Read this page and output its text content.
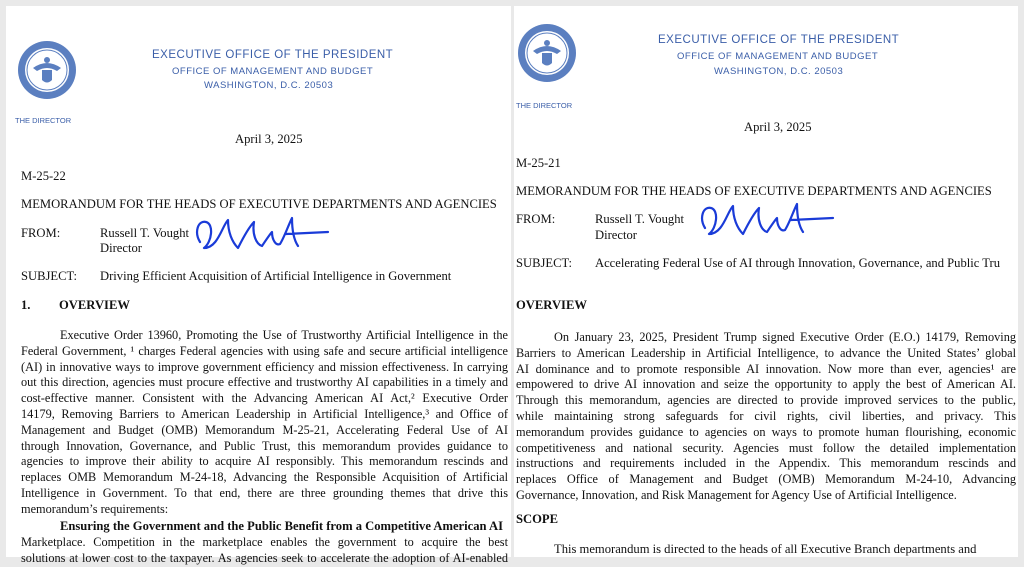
EXECUTIVE OFFICE OF THE PRESIDENT
OFFICE OF MANAGEMENT AND BUDGET
WASHINGTON, D.C. 20503
THE DIRECTOR
April 3, 2025
M-25-22
MEMORANDUM FOR THE HEADS OF EXECUTIVE DEPARTMENTS AND AGENCIES
FROM:	Russell T. Vought
Director
SUBJECT: Driving Efficient Acquisition of Artificial Intelligence in Government
1. OVERVIEW
Executive Order 13960, Promoting the Use of Trustworthy Artificial Intelligence in the
Federal Government, ¹ charges Federal agencies with using safe and secure artificial intelligence
(AI) in innovative ways to improve government efficiency and mission effectiveness. In carrying
out this direction, agencies must procure effective and trustworthy AI capabilities in a timely and
cost-effective manner. Consistent with the Advancing American AI Act,² Executive Order
14179, Removing Barriers to American Leadership in Artificial Intelligence,³ and Office of
Management and Budget (OMB) Memorandum M-25-21, Accelerating Federal Use of AI
through Innovation, Governance, and Public Trust, this memorandum provides guidance to
agencies to improve their ability to acquire AI responsibly. This memorandum rescinds and
replaces OMB Memorandum M-24-18, Advancing the Responsible Acquisition of Artificial
Intelligence in Government. To that end, there are three grounding themes that drive this
memorandum’s requirements:
Ensuring the Government and the Public Benefit from a Competitive American AI
Marketplace. Competition in the marketplace enables the government to acquire the best
solutions at lower cost to the taxpayer. As agencies seek to accelerate the adoption of AI-enabled
EXECUTIVE OFFICE OF THE PRESIDENT
OFFICE OF MANAGEMENT AND BUDGET
WASHINGTON, D.C. 20503
THE DIRECTOR
April 3, 2025
M-25-21
MEMORANDUM FOR THE HEADS OF EXECUTIVE DEPARTMENTS AND AGENCIES
FROM:	Russell T. Vought
Director
SUBJECT: Accelerating Federal Use of AI through Innovation, Governance, and Public Tru
OVERVIEW
On January 23, 2025, President Trump signed Executive Order (E.O.) 14179, Removing
Barriers to American Leadership in Artificial Intelligence, to advance the United States’ global
AI dominance and to promote responsible AI innovation. Now more than ever, agencies¹ are
empowered to drive AI innovation and seize the opportunity to apply the best of American AI.
Through this memorandum, agencies are directed to provide improved services to the public,
while maintaining strong safeguards for civil rights, civil liberties, and privacy. This
memorandum provides guidance to agencies on ways to promote human flourishing, economic
competitiveness and national security. Agencies must follow the detailed implementation
instructions and requirements included in the Appendix. This memorandum rescinds and
replaces Office of Management and Budget (OMB) Memorandum M-24-10, Advancing
Governance, Innovation, and Risk Management for Agency Use of Artificial Intelligence.
SCOPE
This memorandum is directed to the heads of all Executive Branch departments and
